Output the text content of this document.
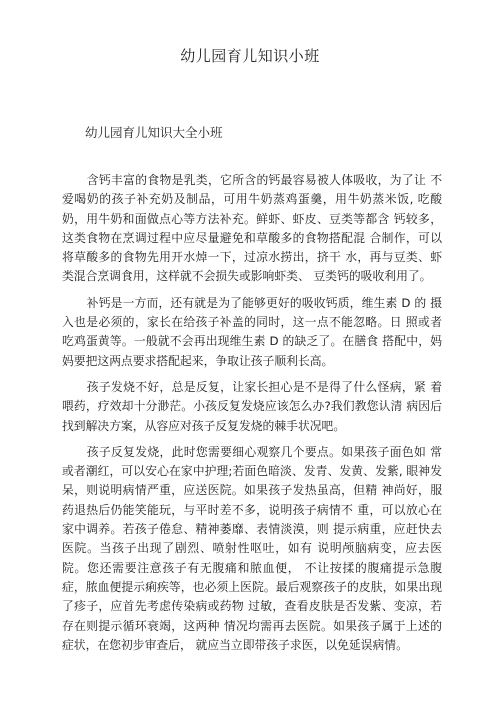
幼儿园育儿知识小班
幼儿园育儿知识大全小班

含钙丰富的食物是乳类，它所含的钙最容易被人体吸收，为了让 不爱喝奶的孩子补充奶及制品，可用牛奶蒸鸡蛋羹，用牛奶蒸米饭, 吃酸奶，用牛奶和面做点心等方法补充。鲜虾、虾皮、豆类等都含 钙较多，这类食物在烹调过程中应尽量避免和草酸多的食物搭配混 合制作，可以将草酸多的食物先用开水焯一下，过凉水捞出，挤干 水，再与豆类、虾类混合烹调食用，这样就不会损失或影响虾类、 豆类钙的吸收利用了。

补钙是一方而，还有就是为了能够更好的吸收钙质，维生素 D 的 摄入也是必须的，家长在给孩子补盖的同时，这一点不能忽略。日 照或者吃鸡蛋黄等。一般就不会再出现维生素 D 的缺乏了。在膳食 搭配中，妈妈要把这两点要求搭配起来，争取让孩子顺利长高。

孩子发烧不好，总是反复，让家长担心是不是得了什么怪病，紧 着喂药，疗效却十分渺茫。小孩反复发烧应该怎么办?我们教您认清 病因后找到解决方案，从容应对孩子反复发烧的棘手状况吧。

孩子反复发烧，此时您需要细心观察几个要点。如果孩子面色如 常或者潮红，可以安心在家中护理;若面色暗淡、发青、发黄、发紫, 眼神发呆，则说明病情严重，应送医院。如果孩子发热虽高，但精 神尚好，服药退热后仍能笑能玩，与平时差不多，说明孩子病情不 重，可以放心在家中调养。若孩子倦怠、精神萎靡、表情淡漠，则 提示病重，应赶快去医院。当孩子出现了剧烈、喷射性呕吐，如有 说明颅脑病变，应去医院。您还需要注意孩子有无腹痛和脓血便， 不让按揉的腹痛提示急腹症，脓血便提示痢疾等，也必须上医院。最后观察孩子的皮肤，如果出现了疹子，应首先考虑传染病或药物 过敏，查看皮肤是否发紫、变凉，若存在则提示循环衰竭，这两种 情况均需再去医院。如果孩子属于上述的症状，在您初步审查后， 就应当立即带孩子求医，以免延误病情。
